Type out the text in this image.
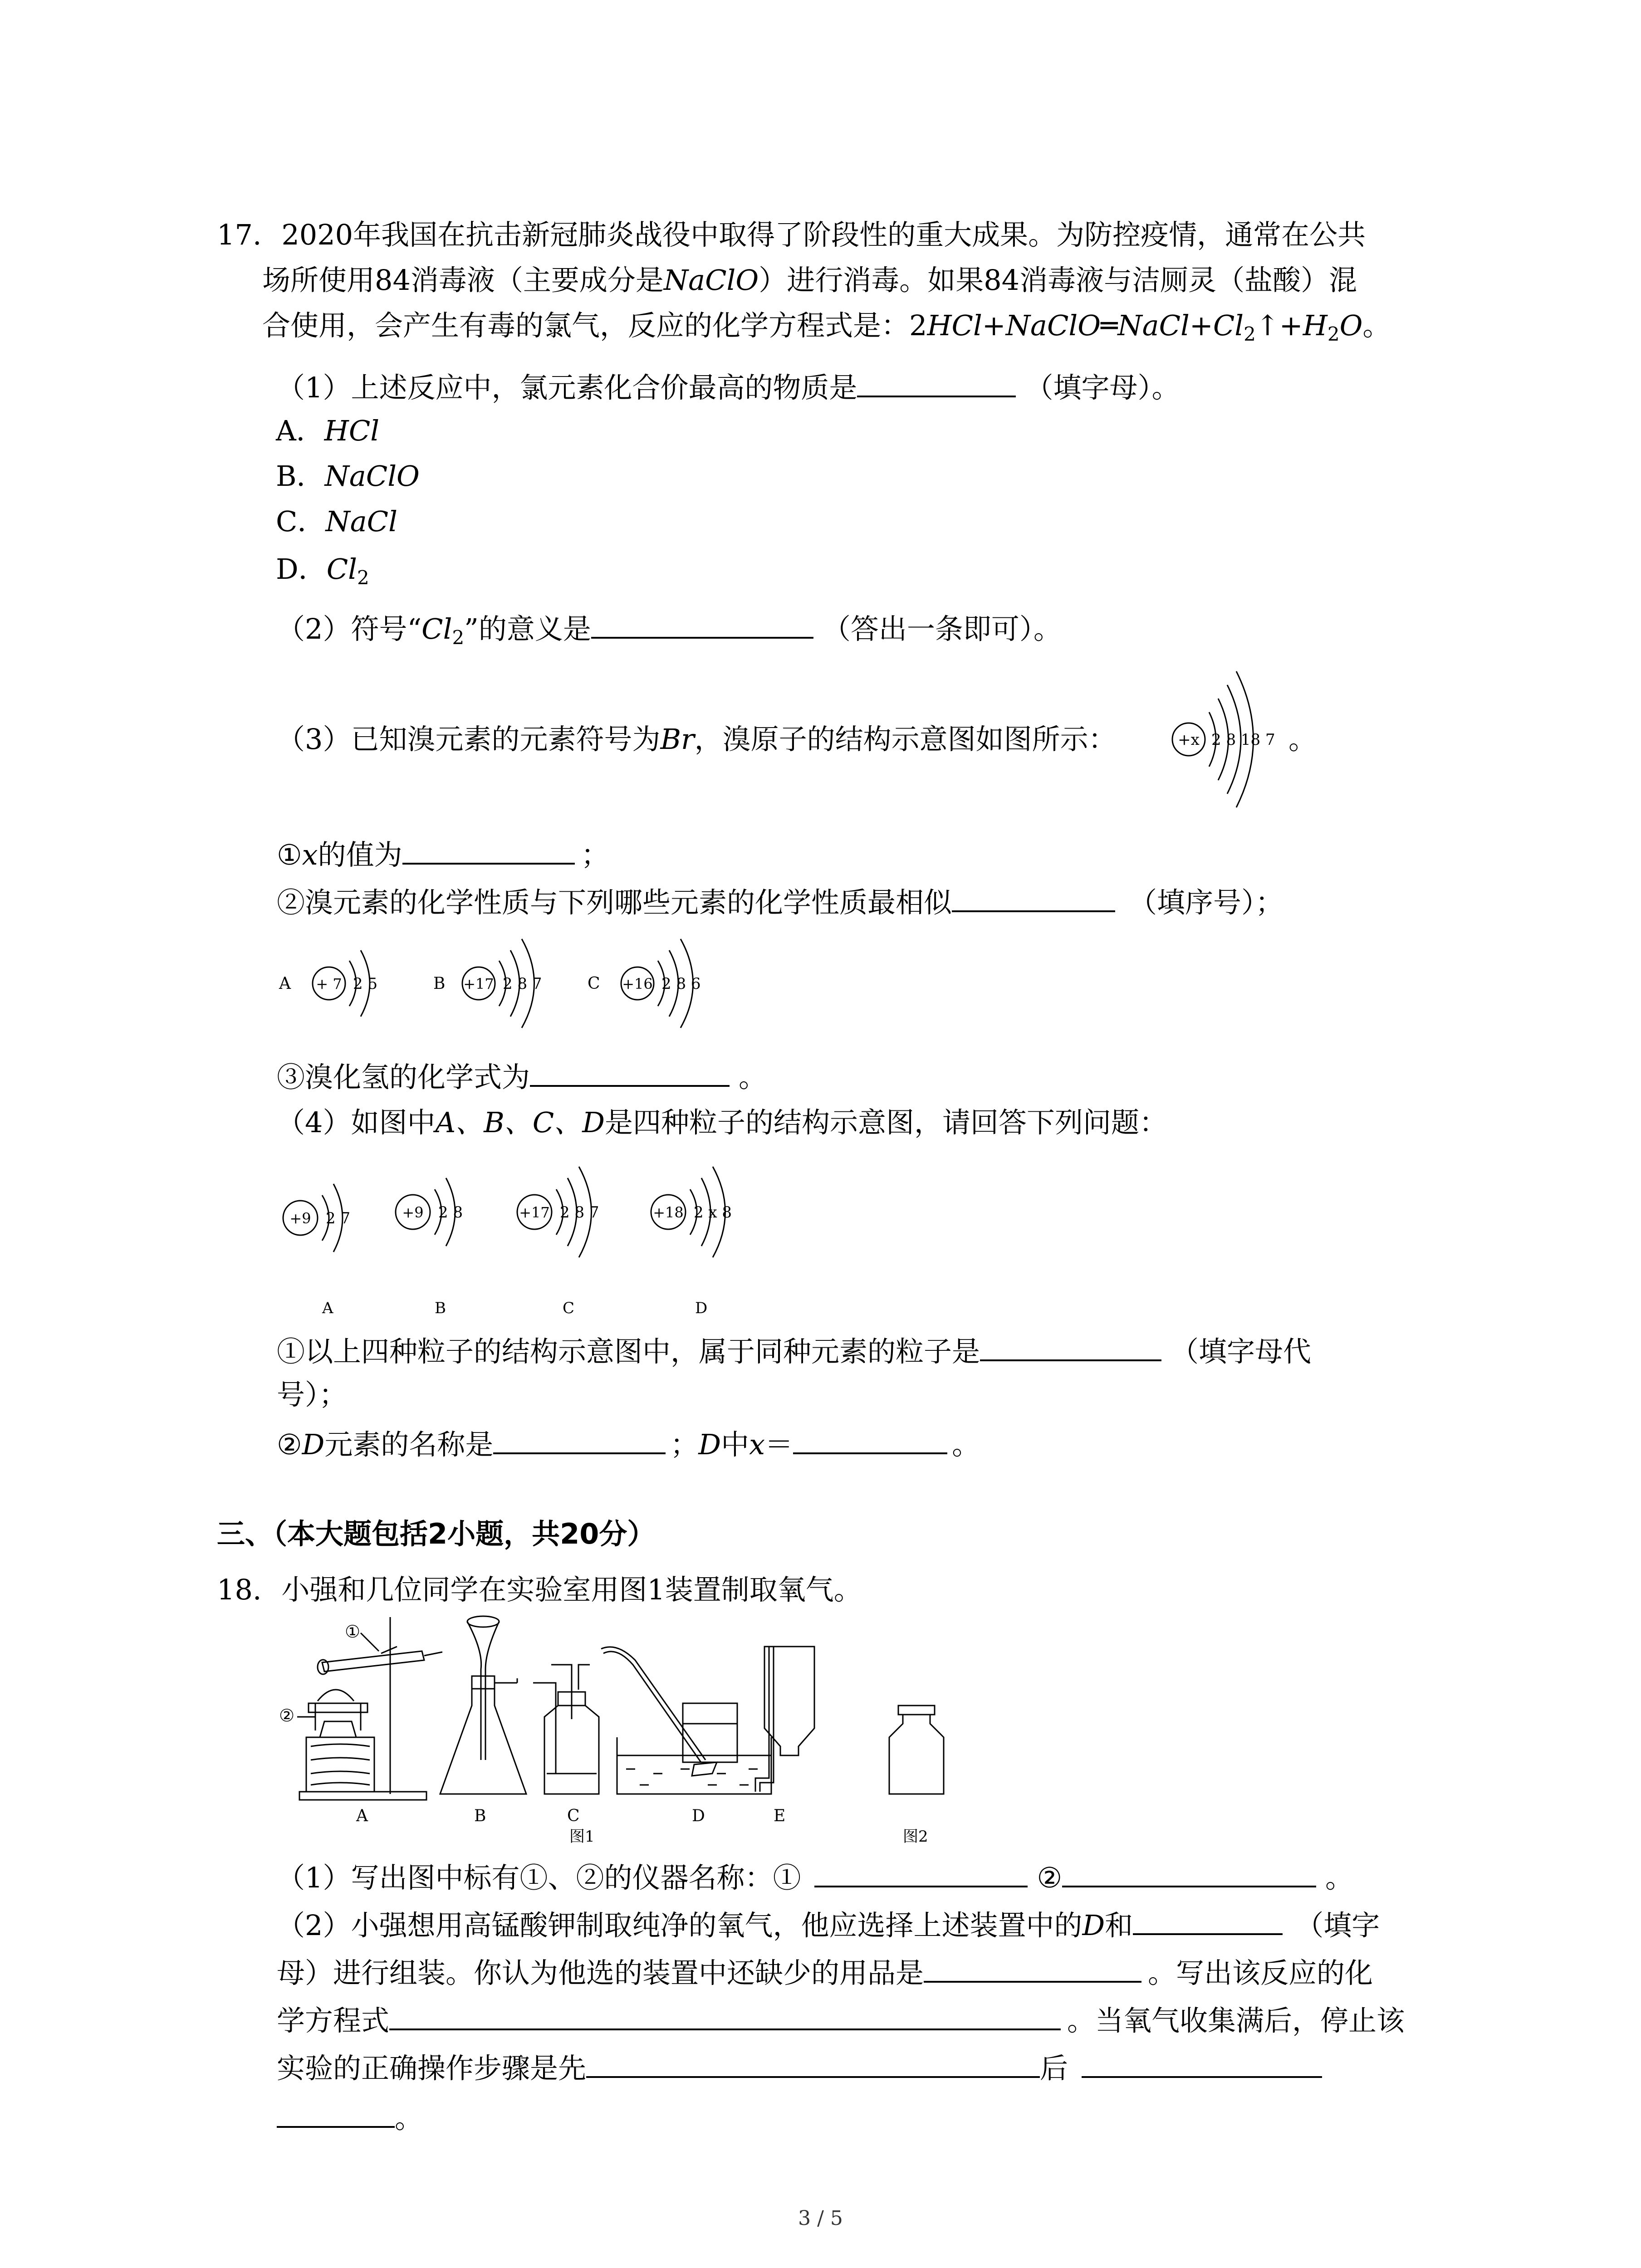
17. 2020年我国在抗击新冠肺炎战役中取得了阶段性的重大成果。为防控疫情，通常在公共
场所使用84消毒液（主要成分是NaClO）进行消毒。如果84消毒液与洁厕灵（盐酸）混
合使用，会产生有毒的氯气，反应的化学方程式是：$2HCl+NaClO═NaCl+Cl_2↑+H_2O$。
（1）上述反应中，氯元素化合价最高的物质是	（填字母）。
A．HCl
B．NaClO
C．NaCl
D．$Cl_2$
（2）符号“$Cl_2$”的意义是	（答出一条即可）。
（3）已知溴元素的元素符号为Br，溴原子的结构示意图如图所示：	+x 2 8 18 7 。
①x的值为	；
②溴元素的化学性质与下列哪些元素的化学性质最相似	（填序号）；
A + 7 2 5	B +17 2 8 7	C +16 2 8 6
③溴化氢的化学式为	。
（4）如图中A、B、C、D是四种粒子的结构示意图，请回答下列问题：
+9 2 7
A
+9 2 8
B
+17 2 8 7
C
+18 2 x 8
D
①以上四种粒子的结构示意图中，属于同种元素的粒子是	（填字母代
号）；
②D元素的名称是	；D中x＝	。
三、（本大题包括2小题，共20分）
18. 小强和几位同学在实验室用图1装置制取氧气。
①
②
A	B	C
图1
D	E
图2
（1）写出图中标有①、②的仪器名称：①	②	。
（2）小强想用高锰酸钾制取纯净的氧气，他应选择上述装置中的D和	（填字
母）进行组装。你认为他选的装置中还缺少的用品是	。写出该反应的化
学方程式	。当氧气收集满后，停止该
实验的正确操作步骤是先	后
。
3 / 5
